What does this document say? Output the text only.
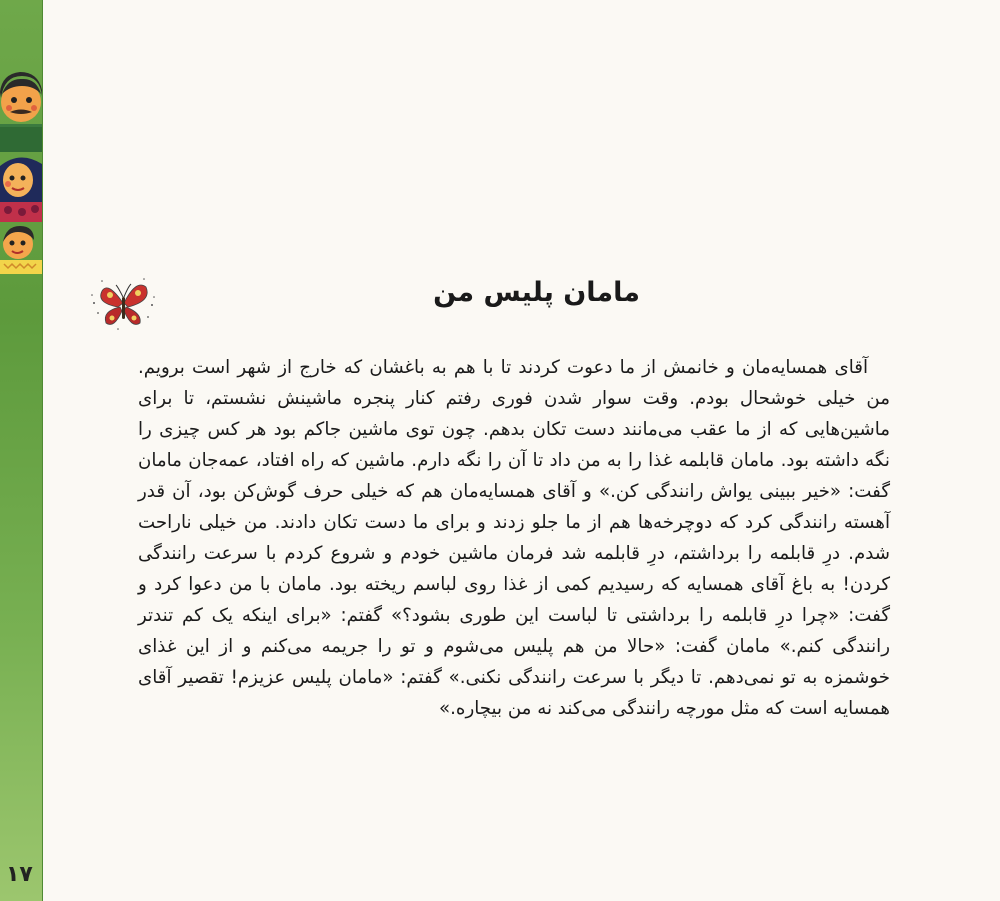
۱۷
مامان پلیس من

آقای همسایه‌مان و خانمش از ما دعوت کردند تا با هم به باغشان که خارج از شهر است برویم. من خیلی خوشحال بودم. وقت سوار شدن فوری رفتم کنار پنجره ماشینش نشستم، تا برای ماشین‌هایی که از ما عقب می‌مانند دست تکان بدهم. چون توی ماشین جاکم بود هر کس چیزی را نگه داشته بود. مامان قابلمه غذا را به من داد تا آن را نگه دارم. ماشین که راه افتاد، عمه‌جان مامان گفت: «خیر ببینی یواش رانندگی کن.» و آقای همسایه‌مان هم که خیلی حرف گوش‌کن بود، آن قدر آهسته رانندگی کرد که دوچرخه‌ها هم از ما جلو زدند و برای ما دست تکان دادند. من خیلی ناراحت شدم. درِ قابلمه را برداشتم، درِ قابلمه شد فرمان ماشین خودم و شروع کردم با سرعت رانندگی کردن! به باغ آقای همسایه که رسیدیم کمی از غذا روی لباسم ریخته بود. مامان با من دعوا کرد و گفت: «چرا درِ قابلمه را برداشتی تا لباست این طوری بشود؟» گفتم: «برای اینکه یک کم تندتر رانندگی کنم.» مامان گفت: «حالا من هم پلیس می‌شوم و تو را جریمه می‌کنم و از این غذای خوشمزه به تو نمی‌دهم. تا دیگر با سرعت رانندگی نکنی.» گفتم: «مامان پلیس عزیزم! تقصیر آقای همسایه است که مثل مورچه رانندگی می‌کند نه من بیچاره.»
